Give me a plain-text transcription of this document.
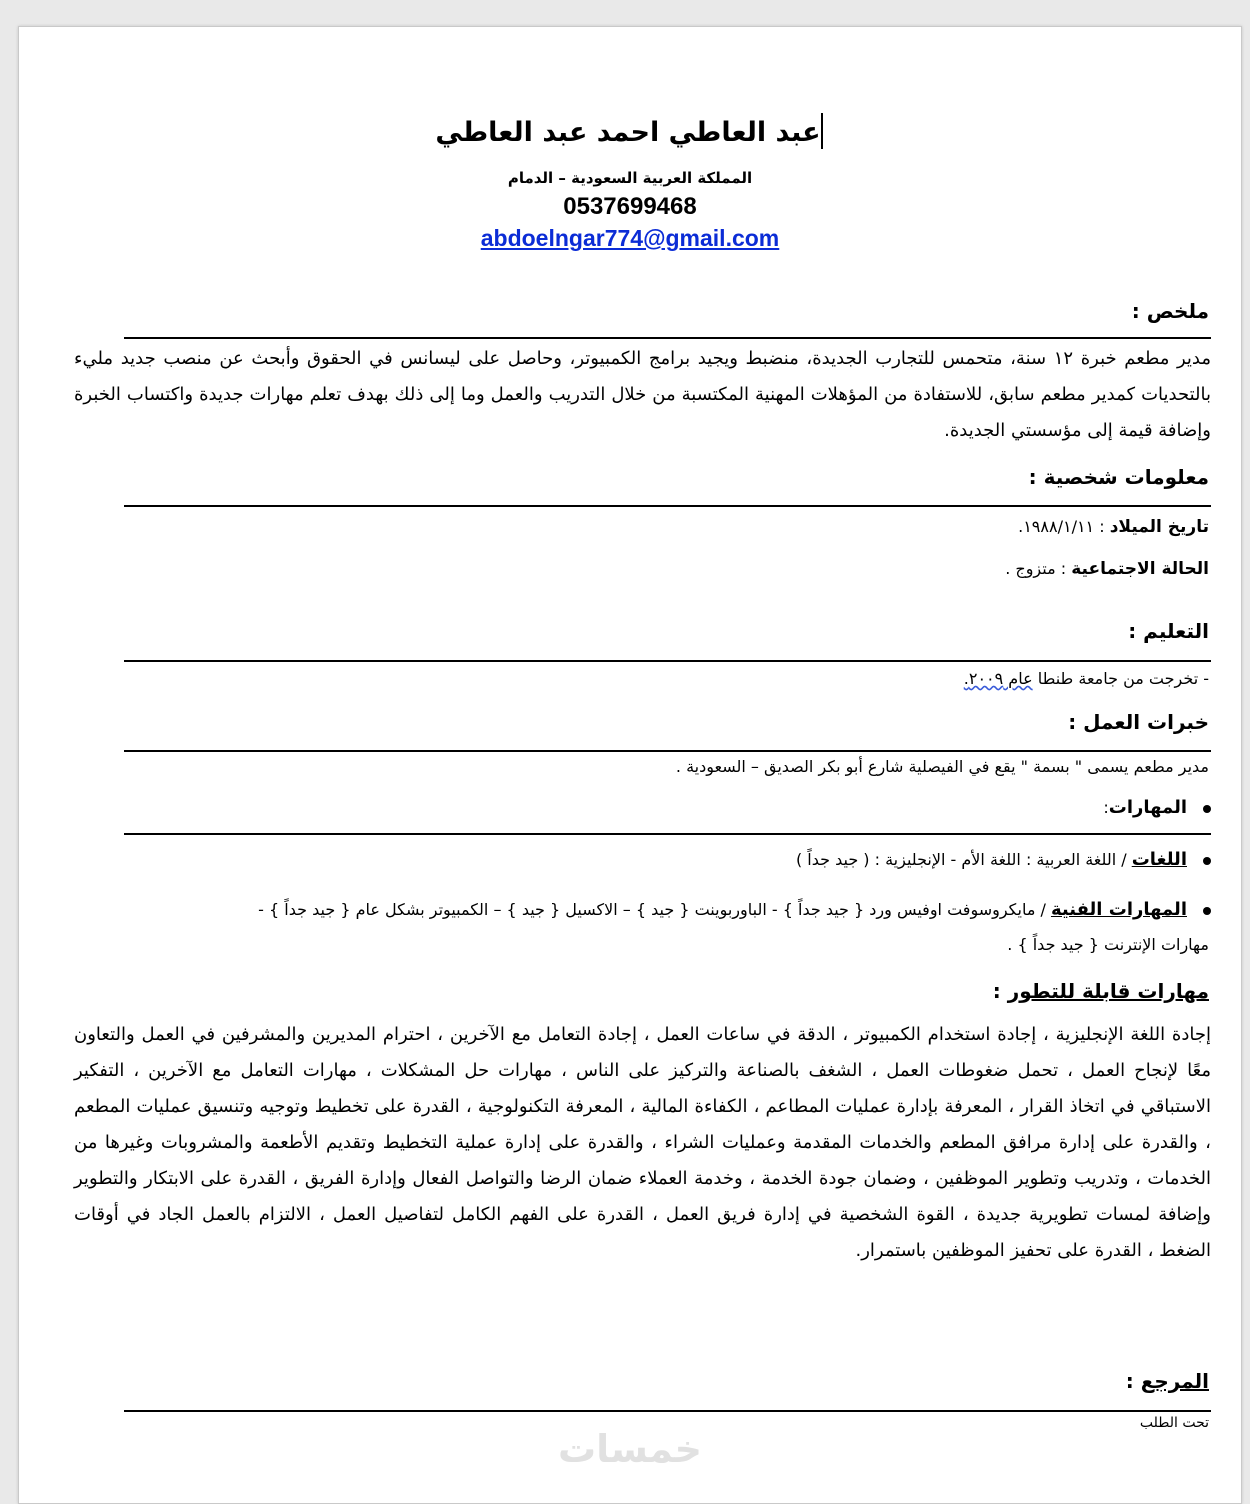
عبد العاطي احمد عبد العاطي
المملكة العربية السعودية – الدمام
0537699468
abdoelngar774@gmail.com
ملخص :
مدير مطعم خبرة ١٢ سنة، متحمس للتجارب الجديدة، منضبط ويجيد برامج الكمبيوتر، وحاصل على ليسانس في الحقوق وأبحث عن منصب جديد مليء بالتحديات كمدير مطعم سابق، للاستفادة من المؤهلات المهنية المكتسبة من خلال التدريب والعمل وما إلى ذلك بهدف تعلم مهارات جديدة واكتساب الخبرة وإضافة قيمة إلى مؤسستي الجديدة.
معلومات شخصية :
تاريخ الميلاد : ١٩٨٨/١/١١.
الحالة الاجتماعية : متزوج .
التعليم :
- تخرجت من جامعة طنطا عام ٢٠٠٩.
خبرات العمل :
مدير مطعم يسمى " بسمة " يقع في الفيصلية شارع أبو بكر الصديق – السعودية .
المهارات:
اللغات / اللغة العربية : اللغة الأم - الإنجليزية : ( جيد جداً )
المهارات الفنية / مايكروسوفت اوفيس ورد { جيد جداً } - الباوربوينت { جيد } – الاكسيل { جيد } – الكمبيوتر بشكل عام { جيد جداً } -
مهارات الإنترنت { جيد جداً } .
مهارات قابلة للتطور :
إجادة اللغة الإنجليزية ، إجادة استخدام الكمبيوتر ، الدقة في ساعات العمل ، إجادة التعامل مع الآخرين ، احترام المديرين والمشرفين في العمل والتعاون معًا لإنجاح العمل ، تحمل ضغوطات العمل ، الشغف بالصناعة والتركيز على الناس ، مهارات حل المشكلات ، مهارات التعامل مع الآخرين ، التفكير الاستباقي في اتخاذ القرار ، المعرفة بإدارة عمليات المطاعم ، الكفاءة المالية ، المعرفة التكنولوجية ، القدرة على تخطيط وتوجيه وتنسيق عمليات المطعم ، والقدرة على إدارة مرافق المطعم والخدمات المقدمة وعمليات الشراء ، والقدرة على إدارة عملية التخطيط وتقديم الأطعمة والمشروبات وغيرها من الخدمات ، وتدريب وتطوير الموظفين ، وضمان جودة الخدمة ، وخدمة العملاء ضمان الرضا والتواصل الفعال وإدارة الفريق ، القدرة على الابتكار والتطوير وإضافة لمسات تطويرية جديدة ، القوة الشخصية في إدارة فريق العمل ، القدرة على الفهم الكامل لتفاصيل العمل ، الالتزام بالعمل الجاد في أوقات الضغط ، القدرة على تحفيز الموظفين باستمرار.
المرجع :
تحت الطلب
خمسات
